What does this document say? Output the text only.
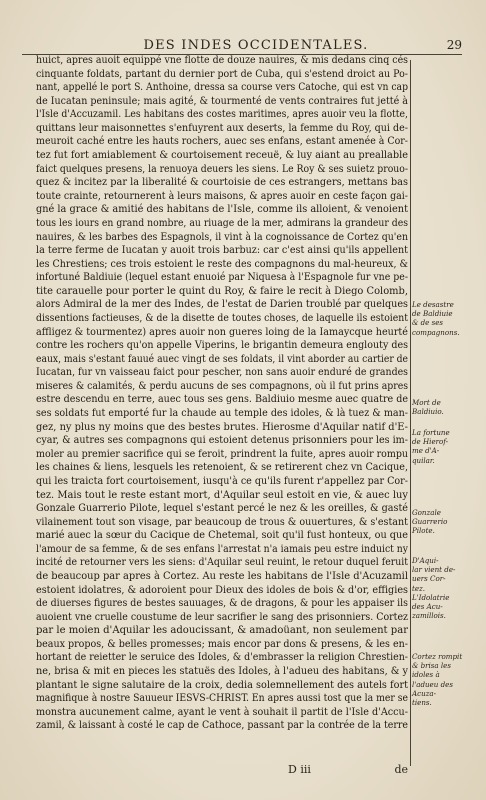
DES INDES OCCIDENTALES.	29
huict, apres auoit equippé vne flotte de douze nauires, & mis dedans cinq cés
cinquante foldats, partant du dernier port de Cuba, qui s'estend droict au Po-
nant, appellé le port S. Anthoine, dressa sa course vers Catoche, qui est vn cap
de Iucatan peninsule; mais agité, & tourmenté de vents contraires fut jetté à
l'Isle d'Accuzamil. Les habitans des costes maritimes, apres auoir veu la flotte,
quittans leur maisonnettes s'enfuyrent aux deserts, la femme du Roy, qui de-
meuroit caché entre les hauts rochers, auec ses enfans, estant amenée à Cor-
tez fut fort amiablement & courtoisement receuë, & luy aiant au preallable
faict quelques presens, la renuoya deuers les siens. Le Roy & ses suietz prouo-
quez & incitez par la liberalité & courtoisie de ces estrangers, mettans bas
toute crainte, retournerent à leurs maisons, & apres auoir en ceste façon gai-
gné la grace & amitié des habitans de l'Isle, comme ils alloient, & venoient
tous les iours en grand nombre, au riuage de la mer, admirans la grandeur des
nauires, & les barbes des Espagnols, il vint à la cognoissance de Cortez qu'en
la terre ferme de Iucatan y auoit trois barbuz: car c'est ainsi qu'ils appellent
les Chrestiens; ces trois estoient le reste des compagnons du mal-heureux, &
infortuné Baldiuie (lequel estant enuoié par Niquesa à l'Espagnole fur vne pe-
tite carauelle pour porter le quint du Roy, & faire le recit à Diego Colomb,
alors Admiral de la mer des Indes, de l'estat de Darien troublé par quelques
dissentions factieuses, & de la disette de toutes choses, de laquelle ils estoient
affligez & tourmentez) apres auoir non gueres loing de la Iamaycque heurté
contre les rochers qu'on appelle Viperins, le brigantin demeura englouty des
eaux, mais s'estant fauué auec vingt de ses foldats, il vint aborder au cartier de
Iucatan, fur vn vaisseau faict pour pescher, non sans auoir enduré de grandes
miseres & calamités, & perdu aucuns de ses compagnons, où il fut prins apres
estre descendu en terre, auec tous ses gens. Baldiuio mesme auec quatre de
ses soldats fut emporté fur la chaude au temple des idoles, & là tuez & man-
gez, ny plus ny moins que des bestes brutes. Hierosme d'Aquilar natif d'E-
cyar, & autres ses compagnons qui estoient detenus prisonniers pour les im-
moler au premier sacrifice qui se feroit, prindrent la fuite, apres auoir rompu
les chaines & liens, lesquels les retenoient, & se retirerent chez vn Cacique,
qui les traicta fort courtoisement, iusqu'à ce qu'ils furent r'appellez par Cor-
tez. Mais tout le reste estant mort, d'Aquilar seul estoit en vie, & auec luy
Gonzale Guarrerio Pilote, lequel s'estant percé le nez & les oreilles, & gasté
vilainement tout son visage, par beaucoup de trous & ouuertures, & s'estant
marié auec la sœur du Cacique de Chetemal, soit qu'il fust honteux, ou que
l'amour de sa femme, & de ses enfans l'arrestat n'a iamais peu estre induict ny
incité de retourner vers les siens: d'Aquilar seul reuint, le retour duquel feruit
de beaucoup par apres à Cortez. Au reste les habitans de l'Isle d'Acuzamil
estoient idolatres, & adoroient pour Dieux des idoles de bois & d'or, effigies
de diuerses figures de bestes sauuages, & de dragons, & pour les appaiser ils
auoient vne cruelle coustume de leur sacrifier le sang des prisonniers. Cortez
par le moien d'Aquilar les adoucissant, & amadoüant, non seulement par
beaux propos, & belles promesses; mais encor par dons & presens, & les en-
hortant de reietter le seruice des Idoles, & d'embrasser la religion Chrestien-
ne, brisa & mit en pieces les statuës des Idoles, à l'adueu des habitans, & y
plantant le signe salutaire de la croix, dedia solemnellement des autels fort
magnifique à nostre Sauueur IESVS-CHRIST. En apres aussi tost que la mer se
monstra aucunement calme, ayant le vent à souhait il partit de l'Isle d'Accu-
zamil, & laissant à costé le cap de Cathoce, passant par la contrée de la terre
Le desastre
de Baldiuie
& de ses
compagnons.
Mort de
Baldiuio.
La fortune
de Hierof-
me d'A-
quilar.
Gonzale
Guarrerio
Pilote.
D'Aqui-
lar vient de-
uers Cor-
tez.
L'Idolatrie
des Acu-
zamillois.
Cortez rompit
& brisa les
idoles à
l'adueu des
Acuza-
tiens.
D iii	de
